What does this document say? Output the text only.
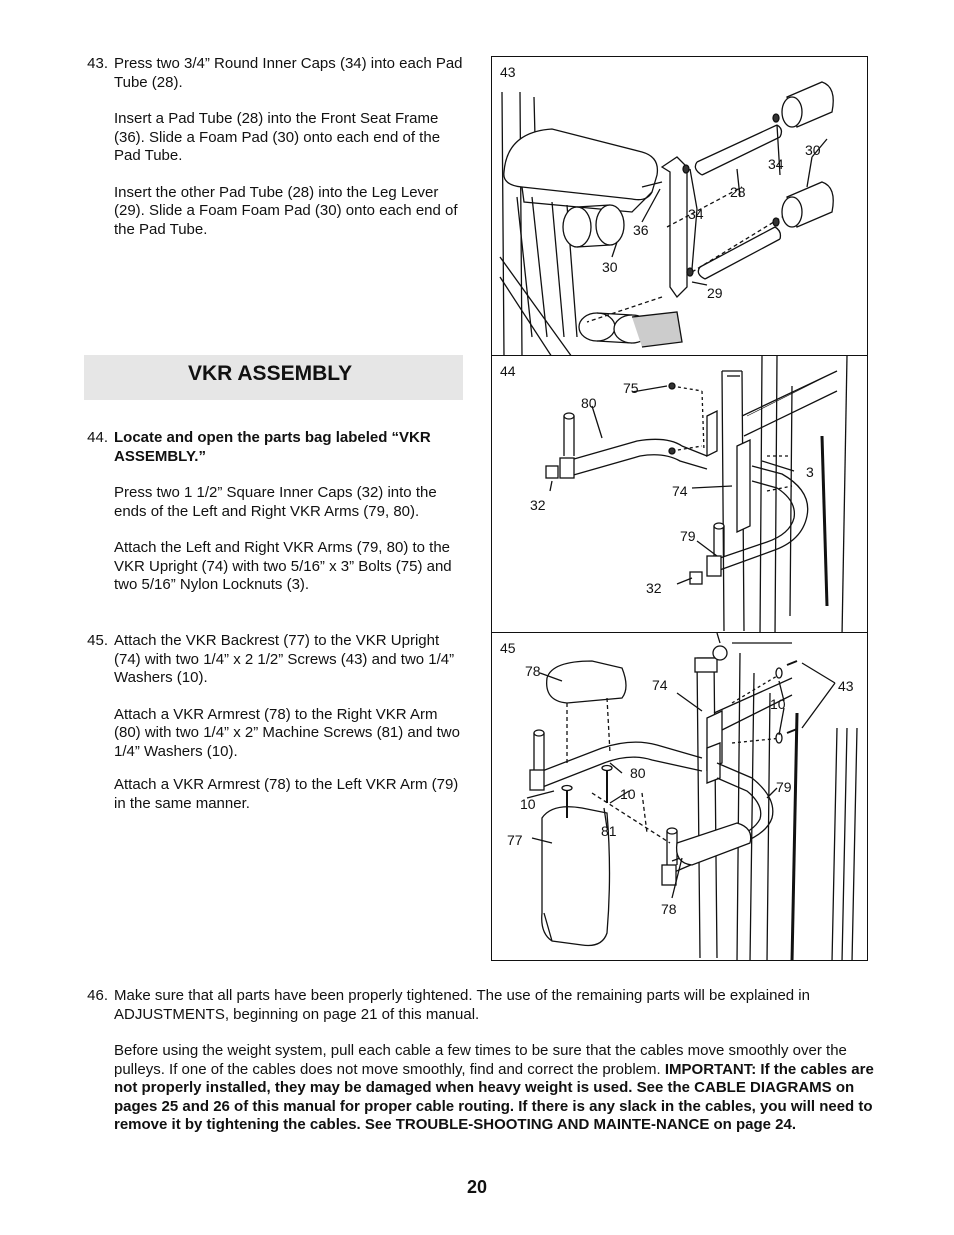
43. Press two 3/4” Round Inner Caps (34) into each Pad Tube (28).

Insert a Pad Tube (28) into the Front Seat Frame (36). Slide a Foam Pad (30) onto each end of the Pad Tube.

Insert the other Pad Tube (28) into the Leg Lever (29). Slide a Foam Foam Pad (30) onto each end of the Pad Tube.

VKR ASSEMBLY
44. Locate and open the parts bag labeled “VKR ASSEMBLY.”

Press two 1 1/2” Square Inner Caps (32) into the ends of the Left and Right VKR Arms (79, 80).

Attach the Left and Right VKR Arms (79, 80) to the VKR Upright (74) with two 5/16” x 3” Bolts (75) and two 5/16” Nylon Locknuts (3).

45. Attach the VKR Backrest (77) to the VKR Upright (74) with two 1/4” x 2 1/2” Screws (43) and two 1/4” Washers (10).

Attach a VKR Armrest (78) to the Right VKR Arm (80) with two 1/4” x 2” Machine Screws (81) and two 1/4” Washers (10).

Attach a VKR Armrest (78) to the Left VKR Arm (79) in the same manner.

30
34
28
34
36
30
29
43
75
80
3
74
32
79
32
44
78
74	43
10
80
10
10
79
81
77
78
45
46. Make sure that all parts have been properly tightened. The use of the remaining parts will be explained in ADJUSTMENTS, beginning on page 21 of this manual.

Before using the weight system, pull each cable a few times to be sure that the cables move smoothly over the pulleys. If one of the cables does not move smoothly, find and correct the problem. IMPORTANT: If the cables are not properly installed, they may be damaged when heavy weight is used. See the CABLE DIAGRAMS on pages 25 and 26 of this manual for proper cable routing. If there is any slack in the cables, you will need to remove it by tightening the cables. See TROUBLE-SHOOTING AND MAINTE-NANCE on page 24.

20
